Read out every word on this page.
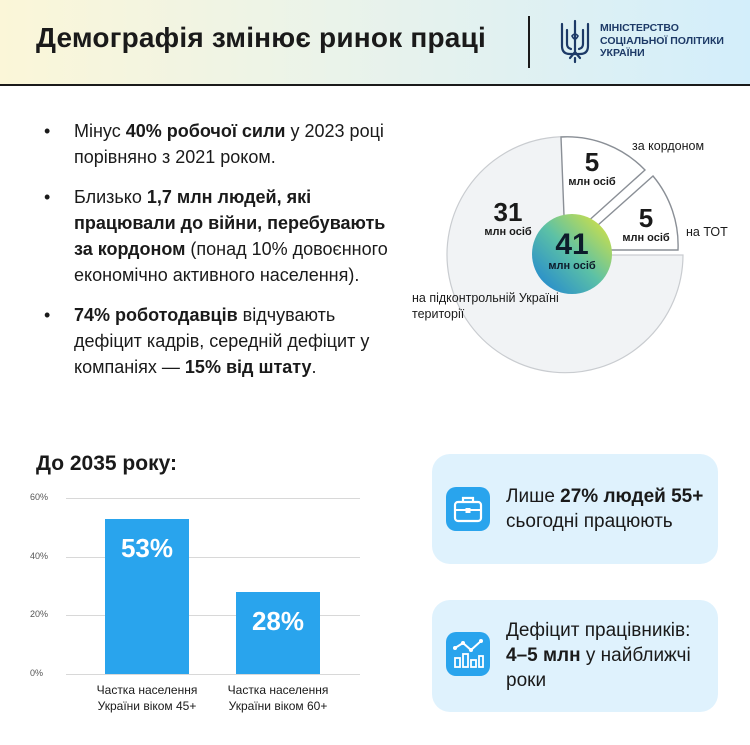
Демографія змінює ринок праці	МІНІСТЕРСТВО
СОЦІАЛЬНОЇ ПОЛІТИКИ
УКРАЇНИ
• Мінус 40% робочої сили у 2023 році порівняно з 2021 роком.
• Близько 1,7 млн людей, які працювали до війни, перебувають за кордоном (понад 10% довоєнного економічно активного населення).
• 74% роботодавців відчувають дефіцит кадрів, середній дефіцит у компаніях — 15% від штату.
41
млн осіб
31
млн осіб
5
млн осіб
5
млн осіб
за кордоном
на ТОТ
на підконтрольній Україні території
До 2035 року:
60%
40%
20%
0%
53%
Частка населення
України віком 45+
28%
Частка населення
України віком 60+
Лише 27% людей 55+ сьогодні працюють
Дефіцит працівників: 4–5 млн у найближчі роки
